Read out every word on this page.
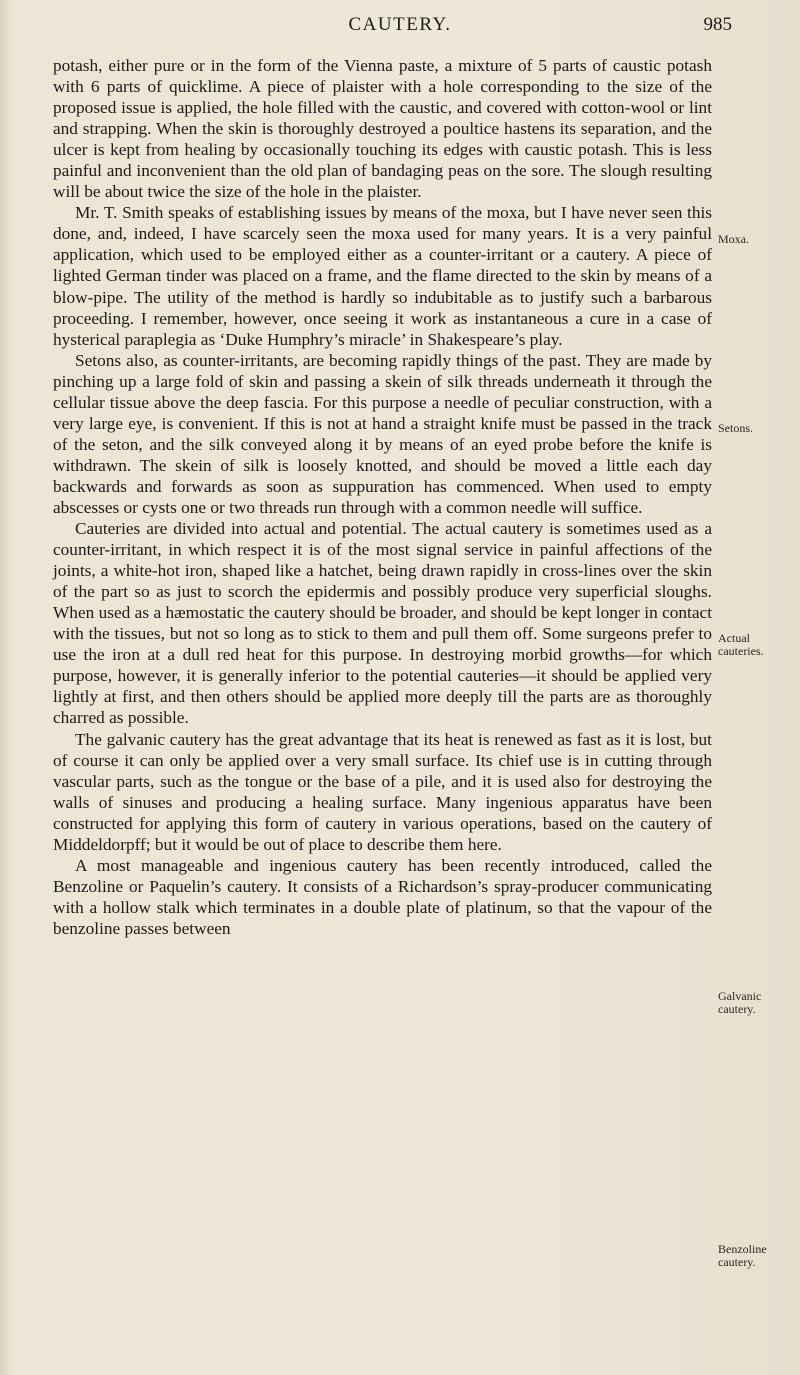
CAUTERY.	985

potash, either pure or in the form of the Vienna paste, a mixture of 5 parts of caustic potash with 6 parts of quicklime. A piece of plaister with a hole corresponding to the size of the proposed issue is applied, the hole filled with the caustic, and covered with cotton-wool or lint and strapping. When the skin is thoroughly destroyed a poultice hastens its separation, and the ulcer is kept from healing by occasionally touching its edges with caustic potash. This is less painful and inconvenient than the old plan of bandaging peas on the sore. The slough resulting will be about twice the size of the hole in the plaister.

Mr. T. Smith speaks of establishing issues by means of the moxa, but I have never seen this done, and, indeed, I have scarcely seen the moxa used for many years. It is a very painful application, which used to be employed either as a counter-irritant or a cautery. A piece of lighted German tinder was placed on a frame, and the flame directed to the skin by means of a blow-pipe. The utility of the method is hardly so indubitable as to justify such a barbarous proceeding. I remember, however, once seeing it work as instantaneous a cure in a case of hysterical paraplegia as ‘Duke Humphry’s miracle’ in Shakespeare’s play.

Setons also, as counter-irritants, are becoming rapidly things of the past. They are made by pinching up a large fold of skin and passing a skein of silk threads underneath it through the cellular tissue above the deep fascia. For this purpose a needle of peculiar construction, with a very large eye, is convenient. If this is not at hand a straight knife must be passed in the track of the seton, and the silk conveyed along it by means of an eyed probe before the knife is withdrawn. The skein of silk is loosely knotted, and should be moved a little each day backwards and forwards as soon as suppuration has commenced. When used to empty abscesses or cysts one or two threads run through with a common needle will suffice.

Cauteries are divided into actual and potential. The actual cautery is sometimes used as a counter-irritant, in which respect it is of the most signal service in painful affections of the joints, a white-hot iron, shaped like a hatchet, being drawn rapidly in cross-lines over the skin of the part so as just to scorch the epidermis and possibly produce very superficial sloughs. When used as a hæmostatic the cautery should be broader, and should be kept longer in contact with the tissues, but not so long as to stick to them and pull them off. Some surgeons prefer to use the iron at a dull red heat for this purpose. In destroying morbid growths—for which purpose, however, it is generally inferior to the potential cauteries—it should be applied very lightly at first, and then others should be applied more deeply till the parts are as thoroughly charred as possible.

The galvanic cautery has the great advantage that its heat is renewed as fast as it is lost, but of course it can only be applied over a very small surface. Its chief use is in cutting through vascular parts, such as the tongue or the base of a pile, and it is used also for destroying the walls of sinuses and producing a healing surface. Many ingenious apparatus have been constructed for applying this form of cautery in various operations, based on the cautery of Middeldorpff; but it would be out of place to describe them here.

A most manageable and ingenious cautery has been recently introduced, called the Benzoline or Paquelin’s cautery. It consists of a Richardson’s spray-producer communicating with a hollow stalk which terminates in a double plate of platinum, so that the vapour of the benzoline passes between

Moxa.
Setons.
Actual cauteries.
Galvanic cautery.
Benzoline cautery.
